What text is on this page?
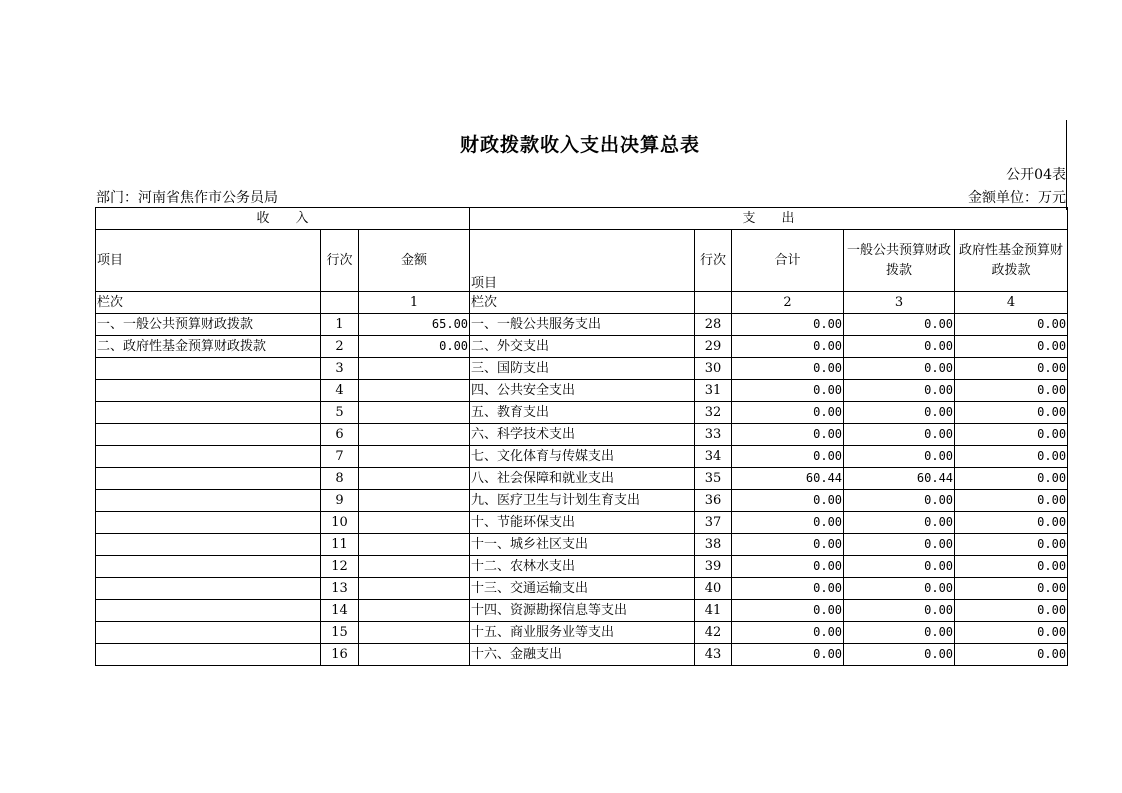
财政拨款收入支出决算总表
公开04表
部门：河南省焦作市公务员局	金额单位：万元
收　　入			支　　出				
项目	行次	金额	项目	行次	合计	一般公共预算财政拨款	政府性基金预算财政拨款
栏次		1	栏次		2	3	4
一、一般公共预算财政拨款	1	65.00	一、一般公共服务支出	28	0.00	0.00	0.00
二、政府性基金预算财政拨款	2	0.00	二、外交支出	29	0.00	0.00	0.00
	3		三、国防支出	30	0.00	0.00	0.00
	4		四、公共安全支出	31	0.00	0.00	0.00
	5		五、教育支出	32	0.00	0.00	0.00
	6		六、科学技术支出	33	0.00	0.00	0.00
	7		七、文化体育与传媒支出	34	0.00	0.00	0.00
	8		八、社会保障和就业支出	35	60.44	60.44	0.00
	9		九、医疗卫生与计划生育支出	36	0.00	0.00	0.00
	10		十、节能环保支出	37	0.00	0.00	0.00
	11		十一、城乡社区支出	38	0.00	0.00	0.00
	12		十二、农林水支出	39	0.00	0.00	0.00
	13		十三、交通运输支出	40	0.00	0.00	0.00
	14		十四、资源勘探信息等支出	41	0.00	0.00	0.00
	15		十五、商业服务业等支出	42	0.00	0.00	0.00
	16		十六、金融支出	43	0.00	0.00	0.00
